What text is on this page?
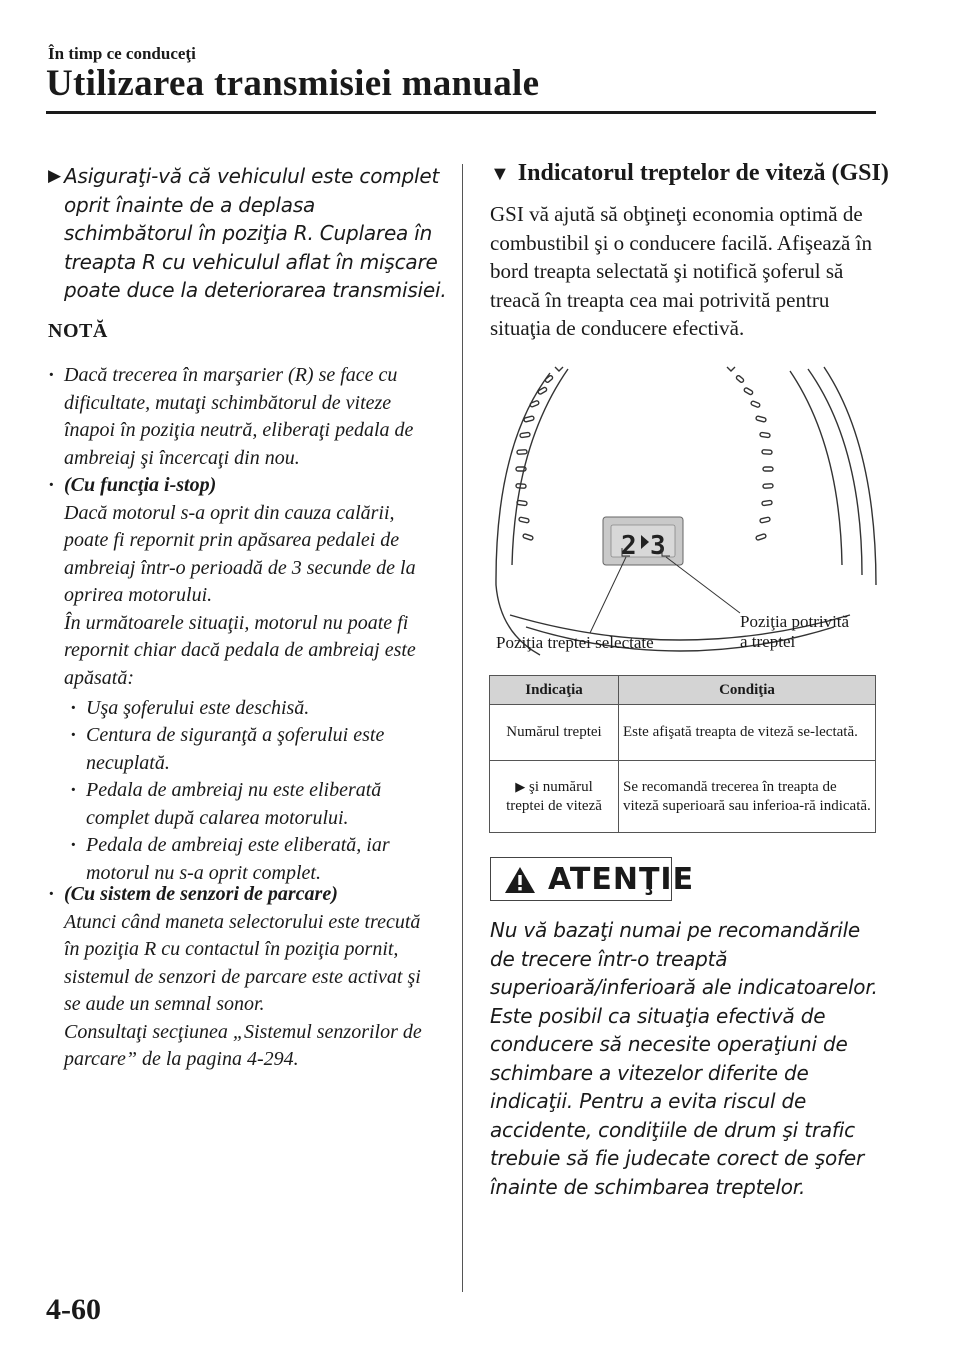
În timp ce conduceţi
Utilizarea transmisiei manuale
▶ Asiguraţi-vă că vehiculul este complet oprit înainte de a deplasa schimbătorul în poziţia R. Cuplarea în treapta R cu vehiculul aflat în mişcare poate duce la deteriorarea transmisiei.
NOTĂ
· Dacă trecerea în marşarier (R) se face cu dificultate, mutaţi schimbătorul de viteze înapoi în poziţia neutră, eliberaţi pedala de ambreiaj şi încercaţi din nou.

· (Cu funcţia i-stop)

Dacă motorul s-a oprit din cauza calării, poate fi repornit prin apăsarea pedalei de ambreiaj într-o perioadă de 3 secunde de la oprirea motorului.

În următoarele situaţii, motorul nu poate fi repornit chiar dacă pedala de ambreiaj este apăsată:

· Uşa şoferului este deschisă.

· Centura de siguranţă a şoferului este necuplată.

· Pedala de ambreiaj nu este eliberată complet după calarea motorului.

· Pedala de ambreiaj este eliberată, iar motorul nu s-a oprit complet.

· (Cu sistem de senzori de parcare)

Atunci când maneta selectorului este trecută în poziţia R cu contactul în poziţia pornit, sistemul de senzori de parcare este activat şi se aude un semnal sonor.

Consultaţi secţiunea „Sistemul senzorilor de parcare” de la pagina 4-294.

▼ Indicatorul treptelor de viteză (GSI)
GSI vă ajută să obţineţi economia optimă de combustibil şi o conducere facilă. Afişează în bord treapta selectată şi notifică şoferul să treacă în treapta cea mai potrivită pentru situaţia de conducere efectivă.
2 3
Poziţia treptei selectate
Poziţia potrivită
a treptei
Indicaţia	Condiţia
Numărul treptei	Este afişată treapta de viteză se-lectată.
▶ şi numărul
treptei de viteză	Se recomandă trecerea în treapta de viteză superioară sau inferioa-ră indicată.
ATENŢIE
Nu vă bazaţi numai pe recomandările de trecere într-o treaptă superioară/inferioară ale indicatoarelor. Este posibil ca situaţia efectivă de conducere să necesite operaţiuni de schimbare a vitezelor diferite de indicaţii. Pentru a evita riscul de accidente, condiţiile de drum şi trafic trebuie să fie judecate corect de şofer înainte de schimbarea treptelor.
4-60
